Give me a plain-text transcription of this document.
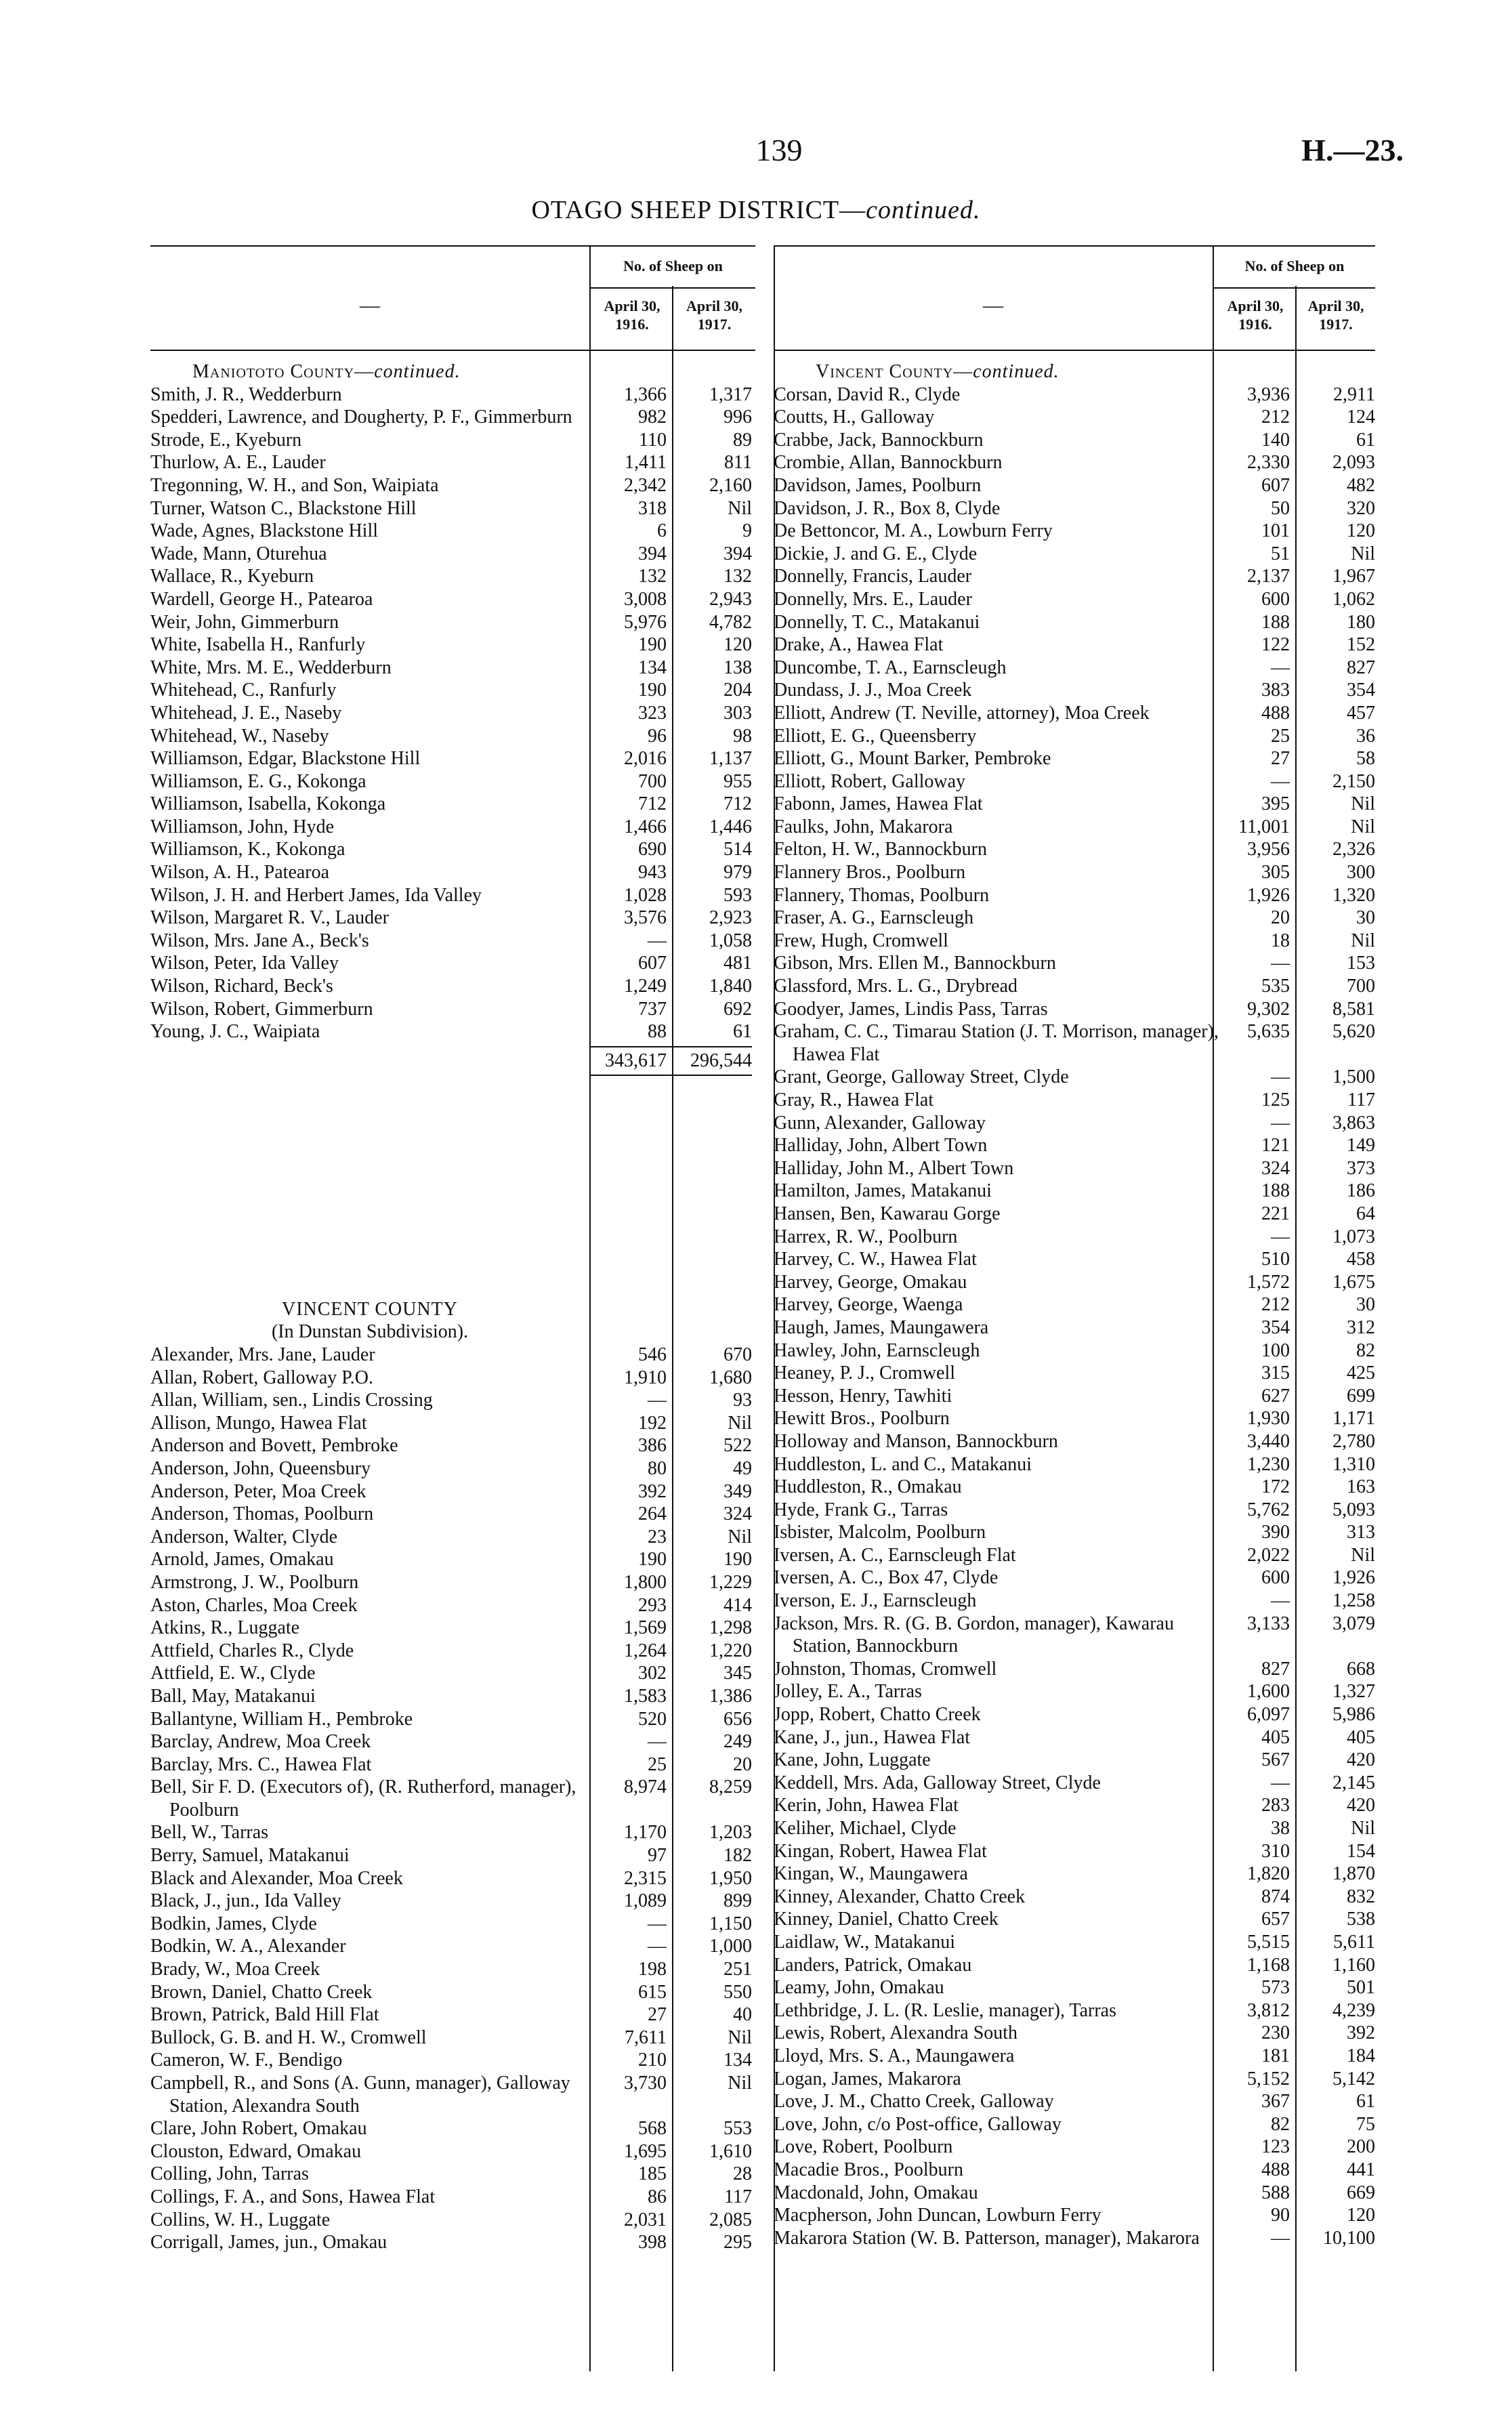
139	H.—23.
OTAGO SHEEP DISTRICT—continued.
—
No. of Sheep on
April 30,
1916.
April 30,
1917.
Maniototo County—continued.
Smith, J. R., Wedderburn	1,366	1,317
Spedderi, Lawrence, and Dougherty, P. F., Gimmerburn	982	996
Strode, E., Kyeburn	110	89
Thurlow, A. E., Lauder	1,411	811
Tregonning, W. H., and Son, Waipiata	2,342	2,160
Turner, Watson C., Blackstone Hill	318	Nil
Wade, Agnes, Blackstone Hill	6	9
Wade, Mann, Oturehua	394	394
Wallace, R., Kyeburn	132	132
Wardell, George H., Patearoa	3,008	2,943
Weir, John, Gimmerburn	5,976	4,782
White, Isabella H., Ranfurly	190	120
White, Mrs. M. E., Wedderburn	134	138
Whitehead, C., Ranfurly	190	204
Whitehead, J. E., Naseby	323	303
Whitehead, W., Naseby	96	98
Williamson, Edgar, Blackstone Hill	2,016	1,137
Williamson, E. G., Kokonga	700	955
Williamson, Isabella, Kokonga	712	712
Williamson, John, Hyde	1,466	1,446
Williamson, K., Kokonga	690	514
Wilson, A. H., Patearoa	943	979
Wilson, J. H. and Herbert James, Ida Valley	1,028	593
Wilson, Margaret R. V., Lauder	3,576	2,923
Wilson, Mrs. Jane A., Beck's	—	1,058
Wilson, Peter, Ida Valley	607	481
Wilson, Richard, Beck's	1,249	1,840
Wilson, Robert, Gimmerburn	737	692
Young, J. C., Waipiata	88	61
343,617	296,544
VINCENT COUNTY
(In Dunstan Subdivision).
Alexander, Mrs. Jane, Lauder	546	670
Allan, Robert, Galloway P.O.	1,910	1,680
Allan, William, sen., Lindis Crossing	—	93
Allison, Mungo, Hawea Flat	192	Nil
Anderson and Bovett, Pembroke	386	522
Anderson, John, Queensbury	80	49
Anderson, Peter, Moa Creek	392	349
Anderson, Thomas, Poolburn	264	324
Anderson, Walter, Clyde	23	Nil
Arnold, James, Omakau	190	190
Armstrong, J. W., Poolburn	1,800	1,229
Aston, Charles, Moa Creek	293	414
Atkins, R., Luggate	1,569	1,298
Attfield, Charles R., Clyde	1,264	1,220
Attfield, E. W., Clyde	302	345
Ball, May, Matakanui	1,583	1,386
Ballantyne, William H., Pembroke	520	656
Barclay, Andrew, Moa Creek	—	249
Barclay, Mrs. C., Hawea Flat	25	20
Bell, Sir F. D. (Executors of), (R. Rutherford, manager), Poolburn
8,974	8,259
Bell, W., Tarras	1,170	1,203
Berry, Samuel, Matakanui	97	182
Black and Alexander, Moa Creek	2,315	1,950
Black, J., jun., Ida Valley	1,089	899
Bodkin, James, Clyde	—	1,150
Bodkin, W. A., Alexander	—	1,000
Brady, W., Moa Creek	198	251
Brown, Daniel, Chatto Creek	615	550
Brown, Patrick, Bald Hill Flat	27	40
Bullock, G. B. and H. W., Cromwell	7,611	Nil
Cameron, W. F., Bendigo	210	134
Campbell, R., and Sons (A. Gunn, manager), Galloway Station, Alexandra South
3,730	Nil
Clare, John Robert, Omakau	568	553
Clouston, Edward, Omakau	1,695	1,610
Colling, John, Tarras	185	28
Collings, F. A., and Sons, Hawea Flat	86	117
Collins, W. H., Luggate	2,031	2,085
Corrigall, James, jun., Omakau	398	295
—
No. of Sheep on
April 30,
1916.
April 30,
1917.
Vincent County—continued.
Corsan, David R., Clyde	3,936	2,911
Coutts, H., Galloway	212	124
Crabbe, Jack, Bannockburn	140	61
Crombie, Allan, Bannockburn	2,330	2,093
Davidson, James, Poolburn	607	482
Davidson, J. R., Box 8, Clyde	50	320
De Bettoncor, M. A., Lowburn Ferry	101	120
Dickie, J. and G. E., Clyde	51	Nil
Donnelly, Francis, Lauder	2,137	1,967
Donnelly, Mrs. E., Lauder	600	1,062
Donnelly, T. C., Matakanui	188	180
Drake, A., Hawea Flat	122	152
Duncombe, T. A., Earnscleugh	—	827
Dundass, J. J., Moa Creek	383	354
Elliott, Andrew (T. Neville, attorney), Moa Creek	488	457
Elliott, E. G., Queensberry	25	36
Elliott, G., Mount Barker, Pembroke	27	58
Elliott, Robert, Galloway	—	2,150
Fabonn, James, Hawea Flat	395	Nil
Faulks, John, Makarora	11,001	Nil
Felton, H. W., Bannockburn	3,956	2,326
Flannery Bros., Poolburn	305	300
Flannery, Thomas, Poolburn	1,926	1,320
Fraser, A. G., Earnscleugh	20	30
Frew, Hugh, Cromwell	18	Nil
Gibson, Mrs. Ellen M., Bannockburn	—	153
Glassford, Mrs. L. G., Drybread	535	700
Goodyer, James, Lindis Pass, Tarras	9,302	8,581
Graham, C. C., Timarau Station (J. T. Morrison, manager), Hawea Flat
5,635	5,620
Grant, George, Galloway Street, Clyde	—	1,500
Gray, R., Hawea Flat	125	117
Gunn, Alexander, Galloway	—	3,863
Halliday, John, Albert Town	121	149
Halliday, John M., Albert Town	324	373
Hamilton, James, Matakanui	188	186
Hansen, Ben, Kawarau Gorge	221	64
Harrex, R. W., Poolburn	—	1,073
Harvey, C. W., Hawea Flat	510	458
Harvey, George, Omakau	1,572	1,675
Harvey, George, Waenga	212	30
Haugh, James, Maungawera	354	312
Hawley, John, Earnscleugh	100	82
Heaney, P. J., Cromwell	315	425
Hesson, Henry, Tawhiti	627	699
Hewitt Bros., Poolburn	1,930	1,171
Holloway and Manson, Bannockburn	3,440	2,780
Huddleston, L. and C., Matakanui	1,230	1,310
Huddleston, R., Omakau	172	163
Hyde, Frank G., Tarras	5,762	5,093
Isbister, Malcolm, Poolburn	390	313
Iversen, A. C., Earnscleugh Flat	2,022	Nil
Iversen, A. C., Box 47, Clyde	600	1,926
Iverson, E. J., Earnscleugh	—	1,258
Jackson, Mrs. R. (G. B. Gordon, manager), Kawarau Station, Bannockburn
3,133	3,079
Johnston, Thomas, Cromwell	827	668
Jolley, E. A., Tarras	1,600	1,327
Jopp, Robert, Chatto Creek	6,097	5,986
Kane, J., jun., Hawea Flat	405	405
Kane, John, Luggate	567	420
Keddell, Mrs. Ada, Galloway Street, Clyde	—	2,145
Kerin, John, Hawea Flat	283	420
Keliher, Michael, Clyde	38	Nil
Kingan, Robert, Hawea Flat	310	154
Kingan, W., Maungawera	1,820	1,870
Kinney, Alexander, Chatto Creek	874	832
Kinney, Daniel, Chatto Creek	657	538
Laidlaw, W., Matakanui	5,515	5,611
Landers, Patrick, Omakau	1,168	1,160
Leamy, John, Omakau	573	501
Lethbridge, J. L. (R. Leslie, manager), Tarras	3,812	4,239
Lewis, Robert, Alexandra South	230	392
Lloyd, Mrs. S. A., Maungawera	181	184
Logan, James, Makarora	5,152	5,142
Love, J. M., Chatto Creek, Galloway	367	61
Love, John, c/o Post-office, Galloway	82	75
Love, Robert, Poolburn	123	200
Macadie Bros., Poolburn	488	441
Macdonald, John, Omakau	588	669
Macpherson, John Duncan, Lowburn Ferry	90	120
Makarora Station (W. B. Patterson, manager), Makarora	—	10,100
